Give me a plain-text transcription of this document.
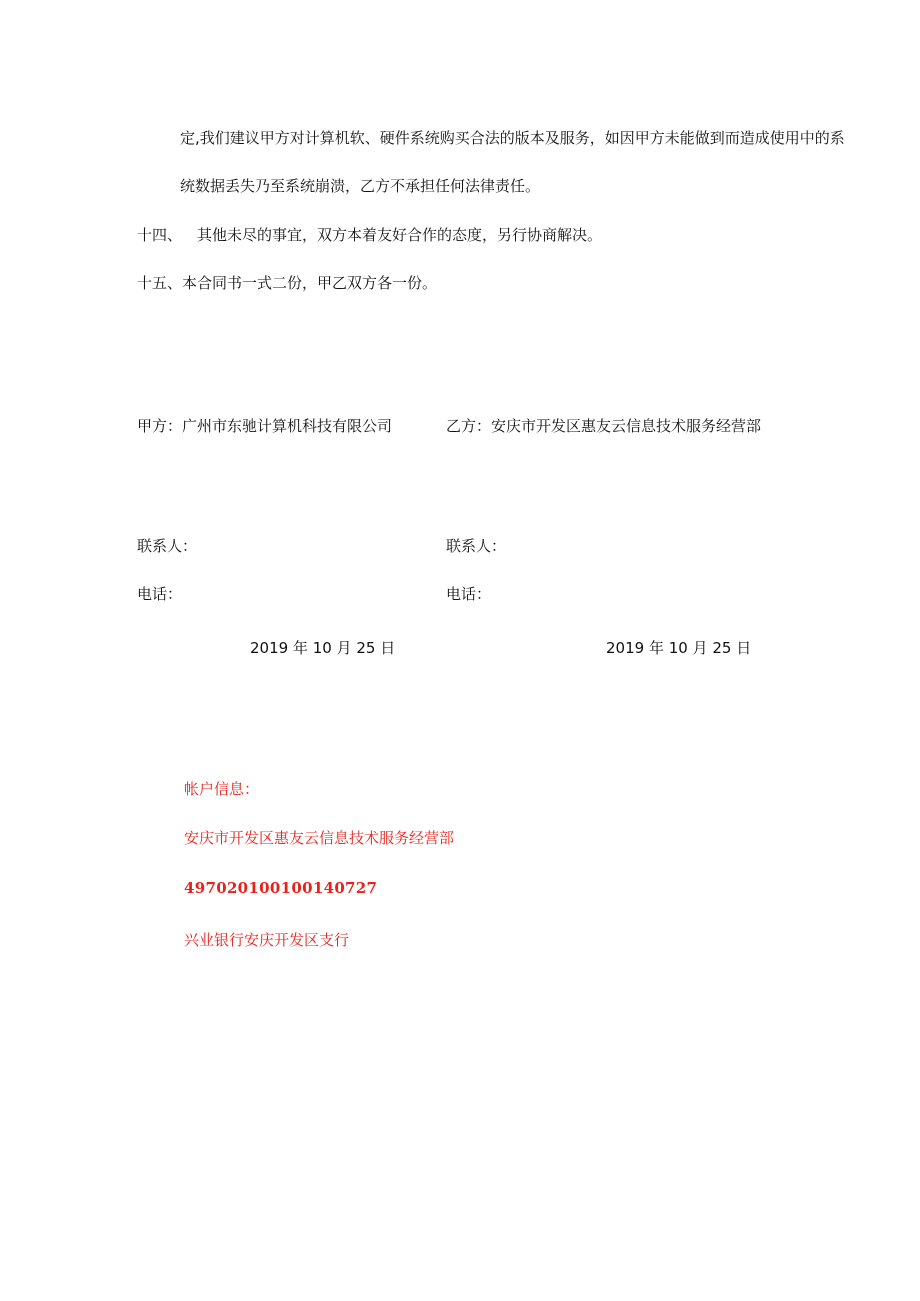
定,我们建议甲方对计算机软、硬件系统购买合法的版本及服务，如因甲方未能做到而造成使用中的系
统数据丢失乃至系统崩溃，乙方不承担任何法律责任。
十四、 其他未尽的事宜，双方本着友好合作的态度，另行协商解决。
十五、本合同书一式二份，甲乙双方各一份。
甲方：广州市东驰计算机科技有限公司	乙方：安庆市开发区惠友云信息技术服务经营部
联系人：	联系人：
电话：	电话：
2019 年 10 月 25 日	2019 年 10 月 25 日
帐户信息：
安庆市开发区惠友云信息技术服务经营部
497020100100140727
兴业银行安庆开发区支行
